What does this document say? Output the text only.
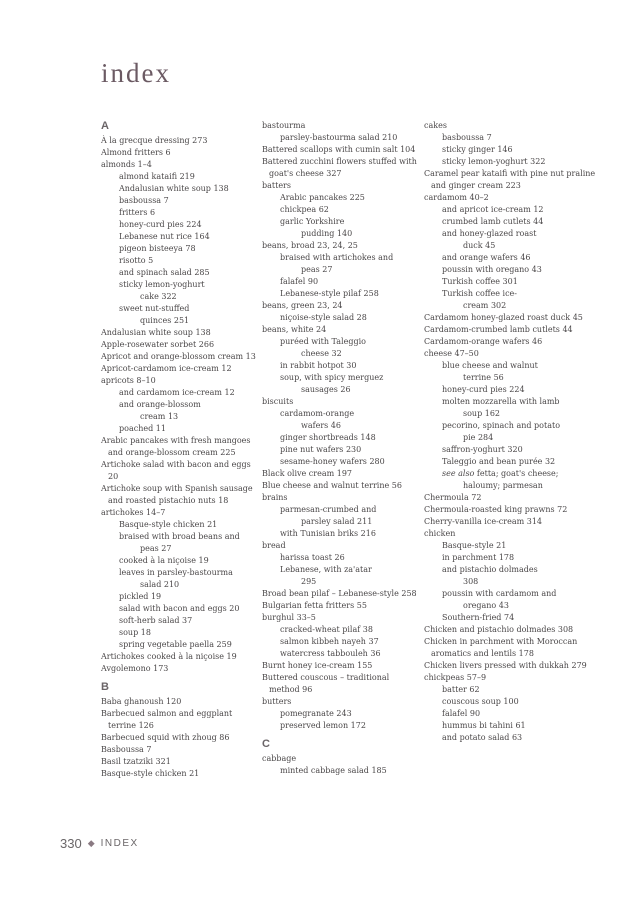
index

A

À la grecque dressing 273

Almond fritters 6

almonds 1–4

almond kataifi 219

Andalusian white soup 138

basboussa 7

fritters 6

honey-curd pies 224

Lebanese nut rice 164

pigeon bisteeya 78

risotto 5

and spinach salad 285

sticky lemon-yoghurt

cake 322

sweet nut-stuffed

quinces 251

Andalusian white soup 138

Apple-rosewater sorbet 266

Apricot and orange-blossom cream 13

Apricot-cardamom ice-cream 12

apricots 8–10

and cardamom ice-cream 12

and orange-blossom

cream 13

poached 11

Arabic pancakes with fresh mangoes and orange-blossom cream 225

Artichoke salad with bacon and eggs 20

Artichoke soup with Spanish sausage and roasted pistachio nuts 18

artichokes 14–7

Basque-style chicken 21

braised with broad beans and

peas 27

cooked à la niçoise 19

leaves in parsley-bastourma

salad 210

pickled 19

salad with bacon and eggs 20

soft-herb salad 37

soup 18

spring vegetable paella 259

Artichokes cooked à la niçoise 19

Avgolemono 173

B

Baba ghanoush 120

Barbecued salmon and eggplant terrine 126

Barbecued squid with zhoug 86

Basboussa 7

Basil tzatziki 321

Basque-style chicken 21

bastourma

parsley-bastourma salad 210

Battered scallops with cumin salt 104

Battered zucchini flowers stuffed with goat's cheese 327

batters

Arabic pancakes 225

chickpea 62

garlic Yorkshire

pudding 140

beans, broad 23, 24, 25

braised with artichokes and

peas 27

falafel 90

Lebanese-style pilaf 258

beans, green 23, 24

niçoise-style salad 28

beans, white 24

puréed with Taleggio

cheese 32

in rabbit hotpot 30

soup, with spicy merguez

sausages 26

biscuits

cardamom-orange

wafers 46

ginger shortbreads 148

pine nut wafers 230

sesame-honey wafers 280

Black olive cream 197

Blue cheese and walnut terrine 56

brains

parmesan-crumbed and

parsley salad 211

with Tunisian briks 216

bread

harissa toast 26

Lebanese, with za'atar

295

Broad bean pilaf – Lebanese-style 258

Bulgarian fetta fritters 55

burghul 33–5

cracked-wheat pilaf 38

salmon kibbeh nayeh 37

watercress tabbouleh 36

Burnt honey ice-cream 155

Buttered couscous – traditional method 96

butters

pomegranate 243

preserved lemon 172

C

cabbage

minted cabbage salad 185

cakes

basboussa 7

sticky ginger 146

sticky lemon-yoghurt 322

Caramel pear kataifi with pine nut praline and ginger cream 223

cardamom 40–2

and apricot ice-cream 12

crumbed lamb cutlets 44

and honey-glazed roast

duck 45

and orange wafers 46

poussin with oregano 43

Turkish coffee 301

Turkish coffee ice-

cream 302

Cardamom honey-glazed roast duck 45

Cardamom-crumbed lamb cutlets 44

Cardamom-orange wafers 46

cheese 47–50

blue cheese and walnut

terrine 56

honey-curd pies 224

molten mozzarella with lamb

soup 162

pecorino, spinach and potato

pie 284

saffron-yoghurt 320

Taleggio and bean purée 32

see also fetta; goat's cheese;

haloumy; parmesan

Chermoula 72

Chermoula-roasted king prawns 72

Cherry-vanilla ice-cream 314

chicken

Basque-style 21

in parchment 178

and pistachio dolmades

308

poussin with cardamom and

oregano 43

Southern-fried 74

Chicken and pistachio dolmades 308

Chicken in parchment with Moroccan aromatics and lentils 178

Chicken livers pressed with dukkah 279

chickpeas 57–9

batter 62

couscous soup 100

falafel 90

hummus bi tahini 61

and potato salad 63

330 ◆ INDEX
